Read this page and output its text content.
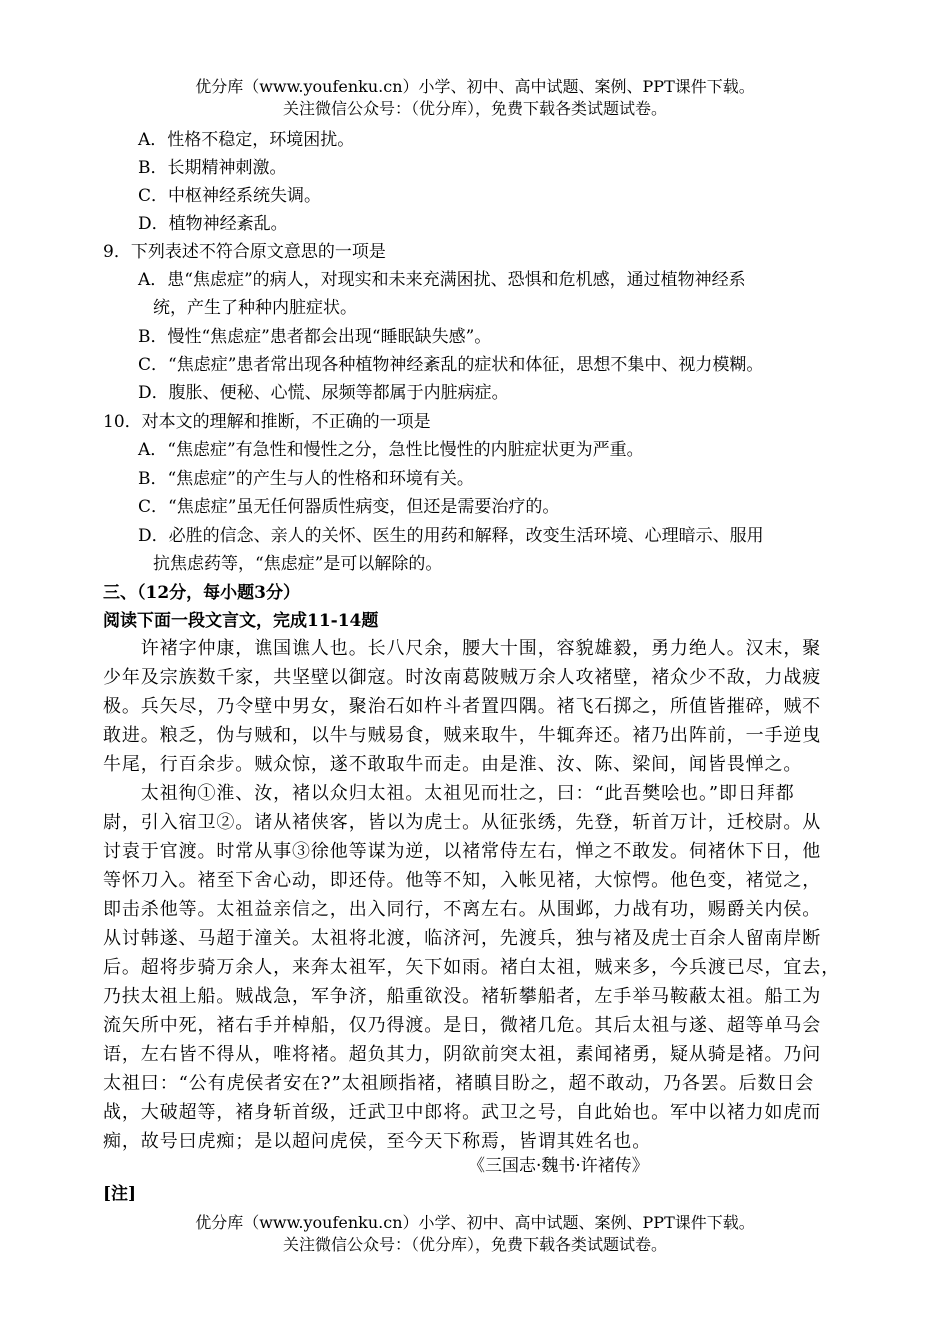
优分库（www.youfenku.cn）小学、初中、高中试题、案例、PPT课件下载。
关注微信公众号：（优分库），免费下载各类试题试卷。
A．性格不稳定，环境困扰。
B．长期精神刺激。
C．中枢神经系统失调。
D．植物神经紊乱。
9．下列表述不符合原文意思的一项是
A．患“焦虑症”的病人，对现实和未来充满困扰、恐惧和危机感，通过植物神经系
统，产生了种种内脏症状。
B．慢性“焦虑症”患者都会出现“睡眠缺失感”。
C．“焦虑症”患者常出现各种植物神经紊乱的症状和体征，思想不集中、视力模糊。
D．腹胀、便秘、心慌、尿频等都属于内脏病症。
10．对本文的理解和推断，不正确的一项是
A．“焦虑症”有急性和慢性之分，急性比慢性的内脏症状更为严重。
B．“焦虑症”的产生与人的性格和环境有关。
C．“焦虑症”虽无任何器质性病变，但还是需要治疗的。
D．必胜的信念、亲人的关怀、医生的用药和解释，改变生活环境、心理暗示、服用
抗焦虑药等，“焦虑症”是可以解除的。
三、（12分，每小题3分）
阅读下面一段文言文，完成11-14题
　　许褚字仲康，谯国谯人也。长八尺余，腰大十围，容貌雄毅，勇力绝人。汉末，聚
少年及宗族数千家，共坚壁以御寇。时汝南葛陂贼万余人攻褚壁，褚众少不敌，力战疲
极。兵矢尽，乃令壁中男女，聚治石如杵斗者置四隅。褚飞石掷之，所值皆摧碎，贼不
敢进。粮乏，伪与贼和，以牛与贼易食，贼来取牛，牛辄奔还。褚乃出阵前，一手逆曳
牛尾，行百余步。贼众惊，遂不敢取牛而走。由是淮、汝、陈、梁间，闻皆畏惮之。
　　太祖徇①淮、汝，褚以众归太祖。太祖见而壮之，曰：“此吾樊哙也。”即日拜都
尉，引入宿卫②。诸从褚侠客，皆以为虎士。从征张绣，先登，斩首万计，迁校尉。从
讨袁于官渡。时常从事③徐他等谋为逆，以褚常侍左右，惮之不敢发。伺褚休下日，他
等怀刀入。褚至下舍心动，即还侍。他等不知，入帐见褚，大惊愕。他色变，褚觉之，
即击杀他等。太祖益亲信之，出入同行，不离左右。从围邺，力战有功，赐爵关内侯。
从讨韩遂、马超于潼关。太祖将北渡，临济河，先渡兵，独与褚及虎士百余人留南岸断
后。超将步骑万余人，来奔太祖军，矢下如雨。褚白太祖，贼来多，今兵渡已尽，宜去，
乃扶太祖上船。贼战急，军争济，船重欲没。褚斩攀船者，左手举马鞍蔽太祖。船工为
流矢所中死，褚右手并棹船，仅乃得渡。是日，微褚几危。其后太祖与遂、超等单马会
语，左右皆不得从，唯将褚。超负其力，阴欲前突太祖，素闻褚勇，疑从骑是褚。乃问
太祖曰：“公有虎侯者安在?”太祖顾指褚，褚瞋目盼之，超不敢动，乃各罢。后数日会
战，大破超等，褚身斩首级，迁武卫中郎将。武卫之号，自此始也。军中以褚力如虎而
痴，故号曰虎痴；是以超问虎侯，至今天下称焉，皆谓其姓名也。
《三国志·魏书·许褚传》
[注]
优分库（www.youfenku.cn）小学、初中、高中试题、案例、PPT课件下载。
关注微信公众号：（优分库），免费下载各类试题试卷。
